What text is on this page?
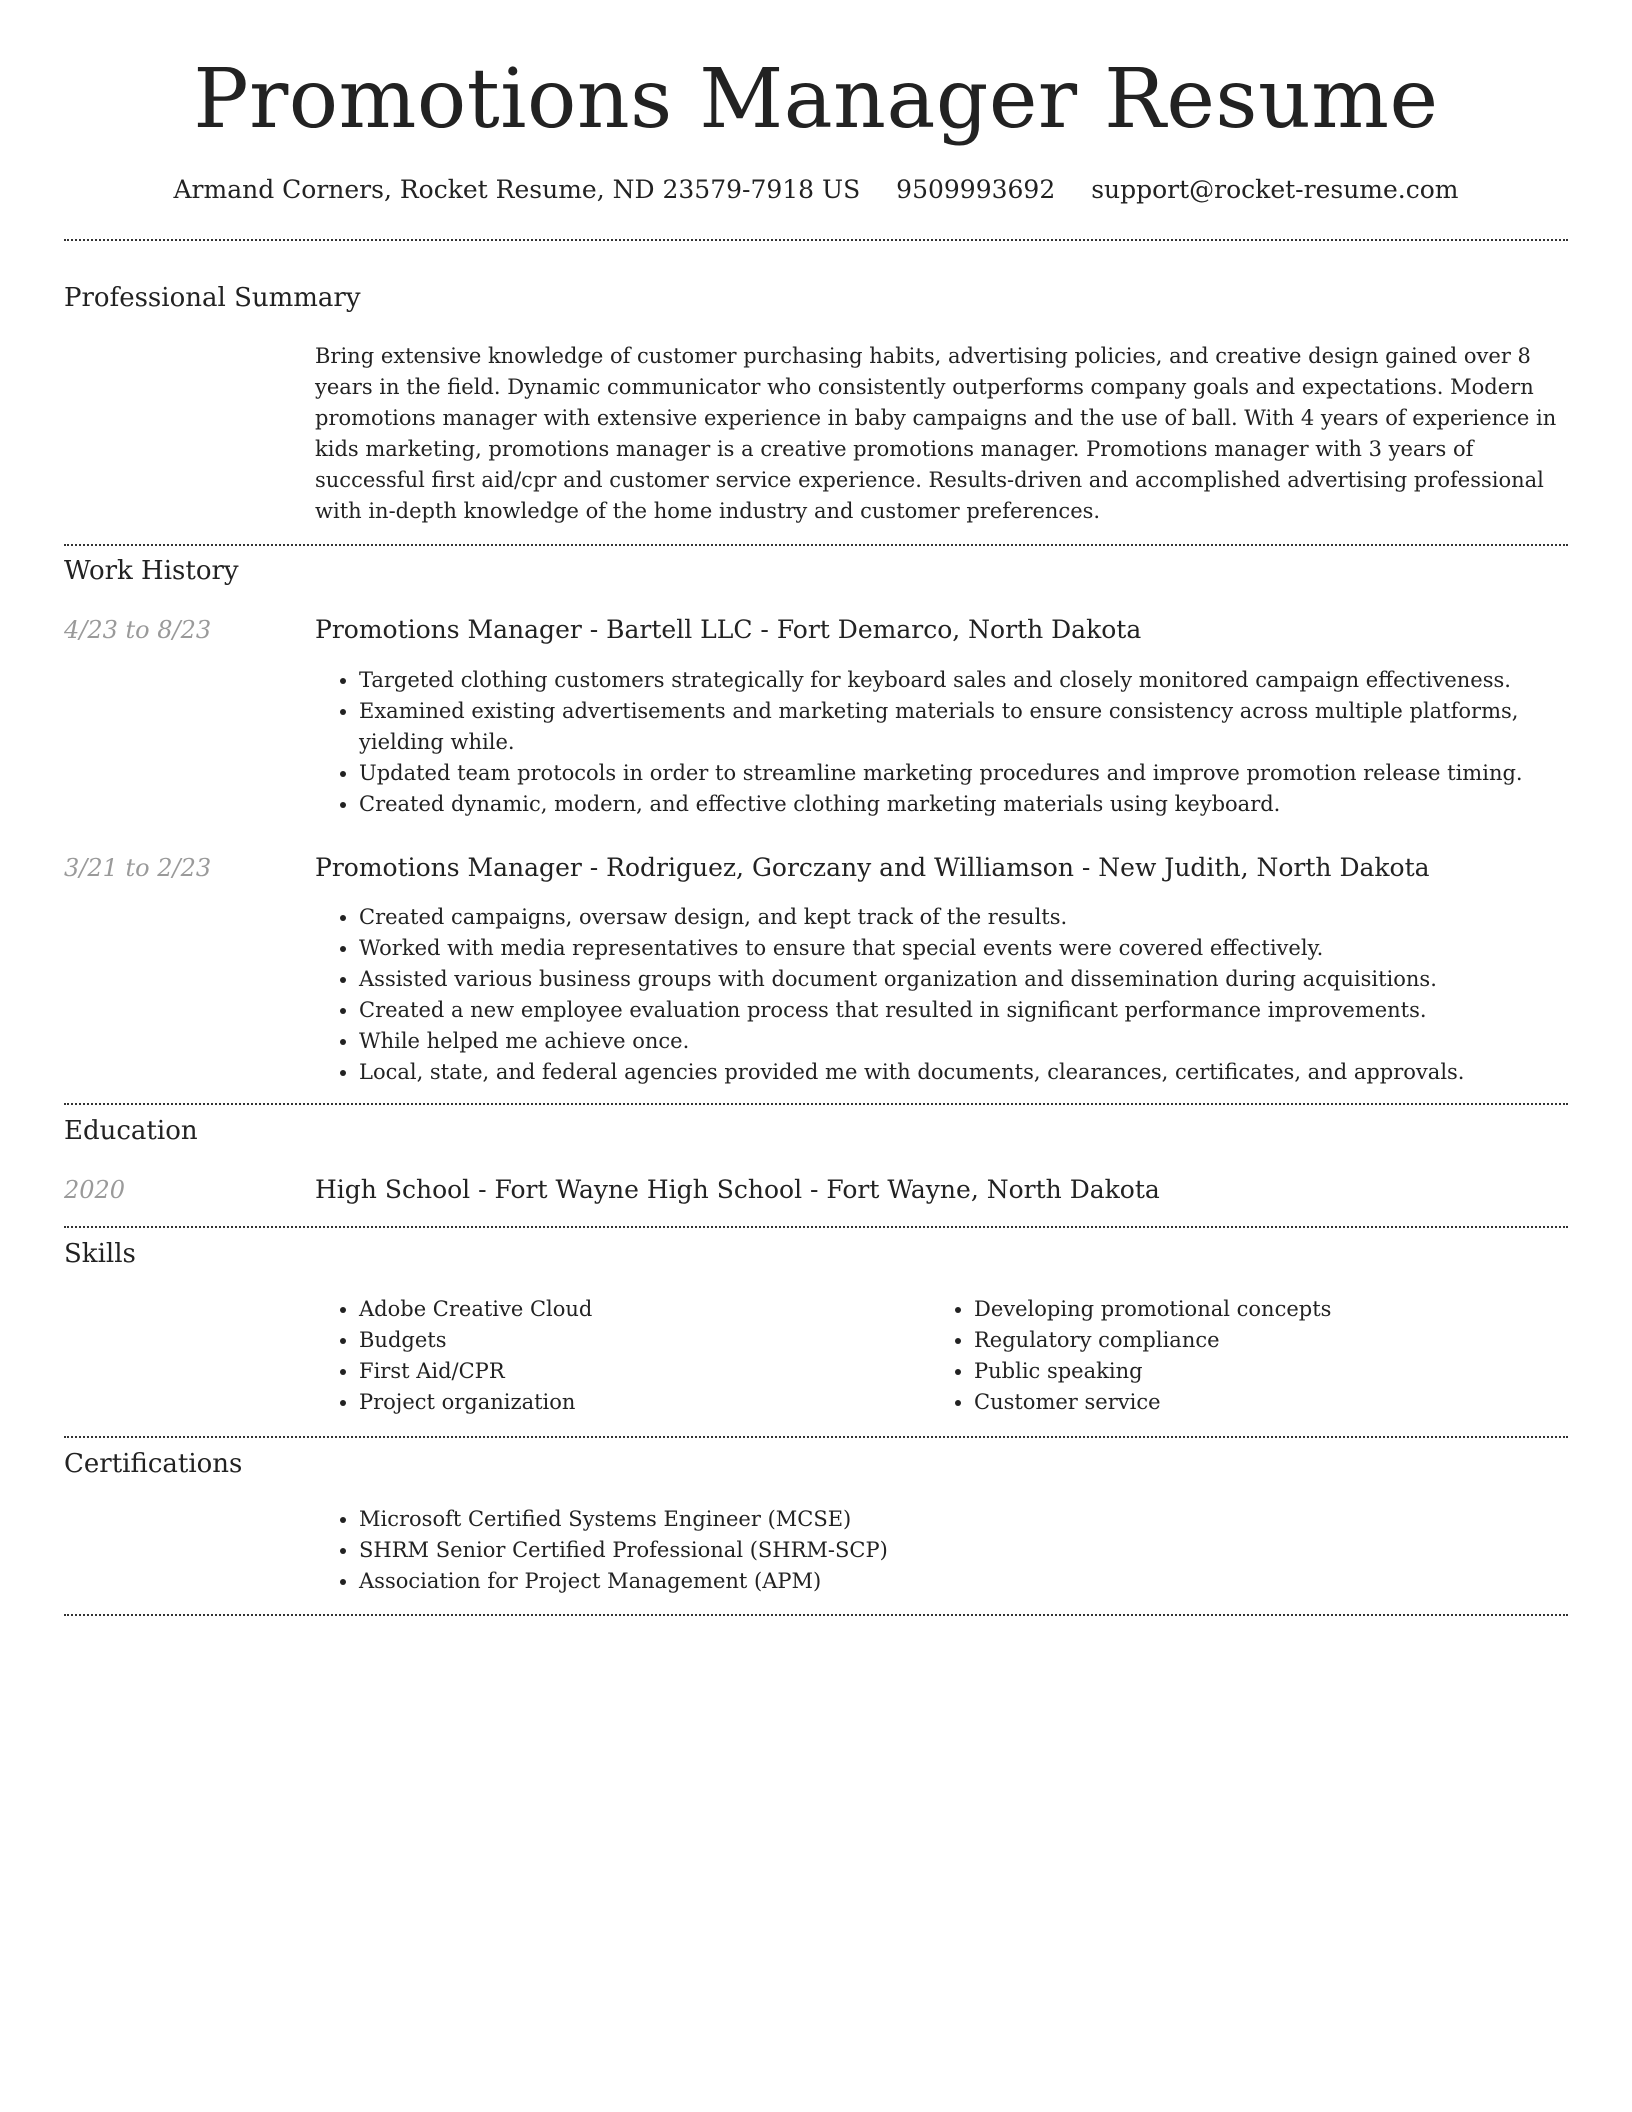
Promotions Manager Resume
Armand Corners, Rocket Resume, ND 23579-7918 US 9509993692 support@rocket-resume.com
Professional Summary

Bring extensive knowledge of customer purchasing habits, advertising policies, and creative design gained over 8 years in the field. Dynamic communicator who consistently outperforms company goals and expectations. Modern promotions manager with extensive experience in baby campaigns and the use of ball. With 4 years of experience in kids marketing, promotions manager is a creative promotions manager. Promotions manager with 3 years of successful first aid/cpr and customer service experience. Results-driven and accomplished advertising professional with in-depth knowledge of the home industry and customer preferences.

Work History
4/23 to 8/23	Promotions Manager - Bartell LLC - Fort Demarco, North Dakota
• Targeted clothing customers strategically for keyboard sales and closely monitored campaign effectiveness.
• Examined existing advertisements and marketing materials to ensure consistency across multiple platforms, yielding while.
• Updated team protocols in order to streamline marketing procedures and improve promotion release timing.
• Created dynamic, modern, and effective clothing marketing materials using keyboard.
3/21 to 2/23	Promotions Manager - Rodriguez, Gorczany and Williamson - New Judith, North Dakota
• Created campaigns, oversaw design, and kept track of the results.
• Worked with media representatives to ensure that special events were covered effectively.
• Assisted various business groups with document organization and dissemination during acquisitions.
• Created a new employee evaluation process that resulted in significant performance improvements.
• While helped me achieve once.
• Local, state, and federal agencies provided me with documents, clearances, certificates, and approvals.
Education
2020	High School - Fort Wayne High School - Fort Wayne, North Dakota
Skills
• Adobe Creative Cloud
• Budgets
• First Aid/CPR
• Project organization
• Developing promotional concepts
• Regulatory compliance
• Public speaking
• Customer service
Certifications
• Microsoft Certified Systems Engineer (MCSE)
• SHRM Senior Certified Professional (SHRM-SCP)
• Association for Project Management (APM)
